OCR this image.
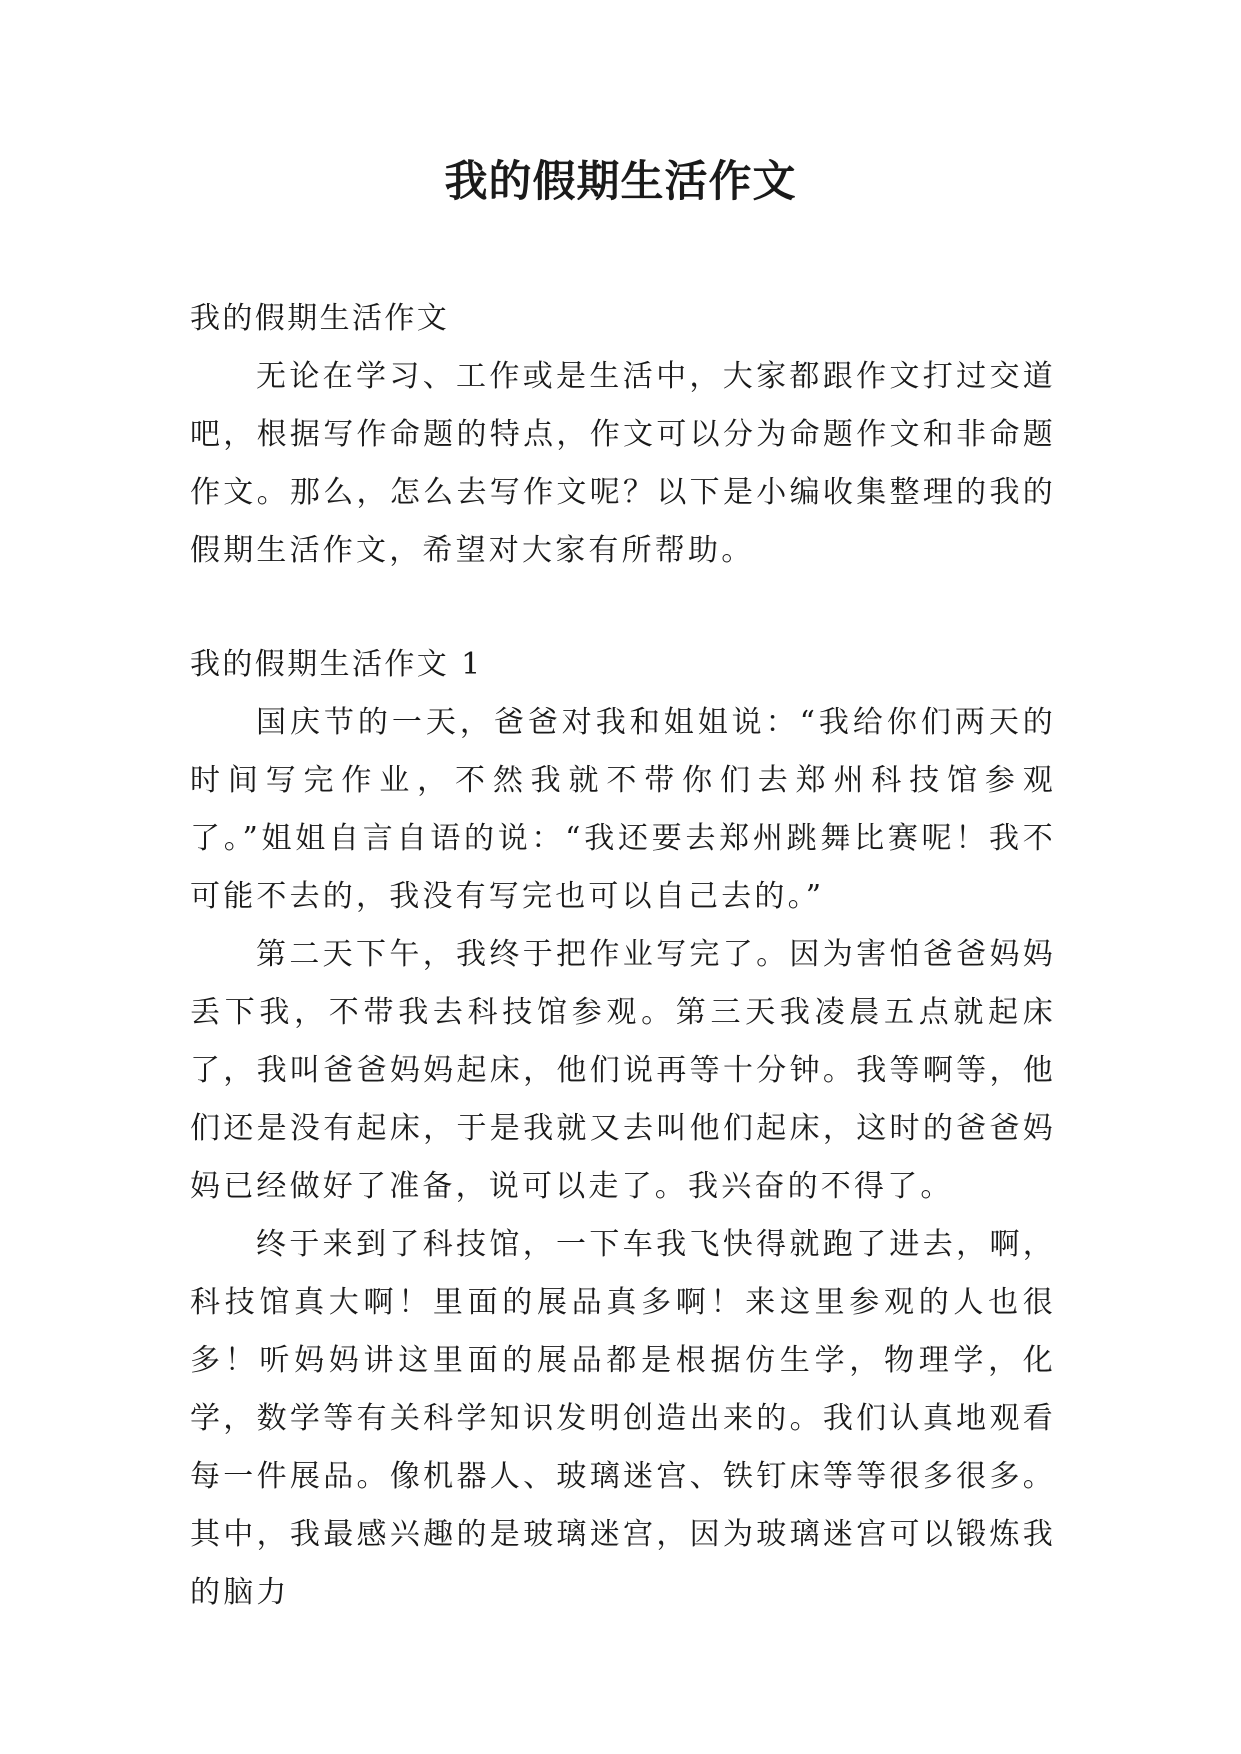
我的假期生活作文

我的假期生活作文

无论在学习、工作或是生活中，大家都跟作文打过交道吧，根据写作命题的特点，作文可以分为命题作文和非命题作文。那么，怎么去写作文呢？以下是小编收集整理的我的假期生活作文，希望对大家有所帮助。

我的假期生活作文 1

国庆节的一天，爸爸对我和姐姐说：“我给你们两天的时间写完作业，不然我就不带你们去郑州科技馆参观了。”姐姐自言自语的说：“我还要去郑州跳舞比赛呢！我不可能不去的，我没有写完也可以自己去的。”

第二天下午，我终于把作业写完了。因为害怕爸爸妈妈丢下我，不带我去科技馆参观。第三天我凌晨五点就起床了，我叫爸爸妈妈起床，他们说再等十分钟。我等啊等，他们还是没有起床，于是我就又去叫他们起床，这时的爸爸妈妈已经做好了准备，说可以走了。我兴奋的不得了。

终于来到了科技馆，一下车我飞快得就跑了进去，啊，科技馆真大啊！里面的展品真多啊！来这里参观的人也很多！听妈妈讲这里面的展品都是根据仿生学，物理学，化学，数学等有关科学知识发明创造出来的。我们认真地观看每一件展品。像机器人、玻璃迷宫、铁钉床等等很多很多。其中，我最感兴趣的是玻璃迷宫，因为玻璃迷宫可以锻炼我的脑力
